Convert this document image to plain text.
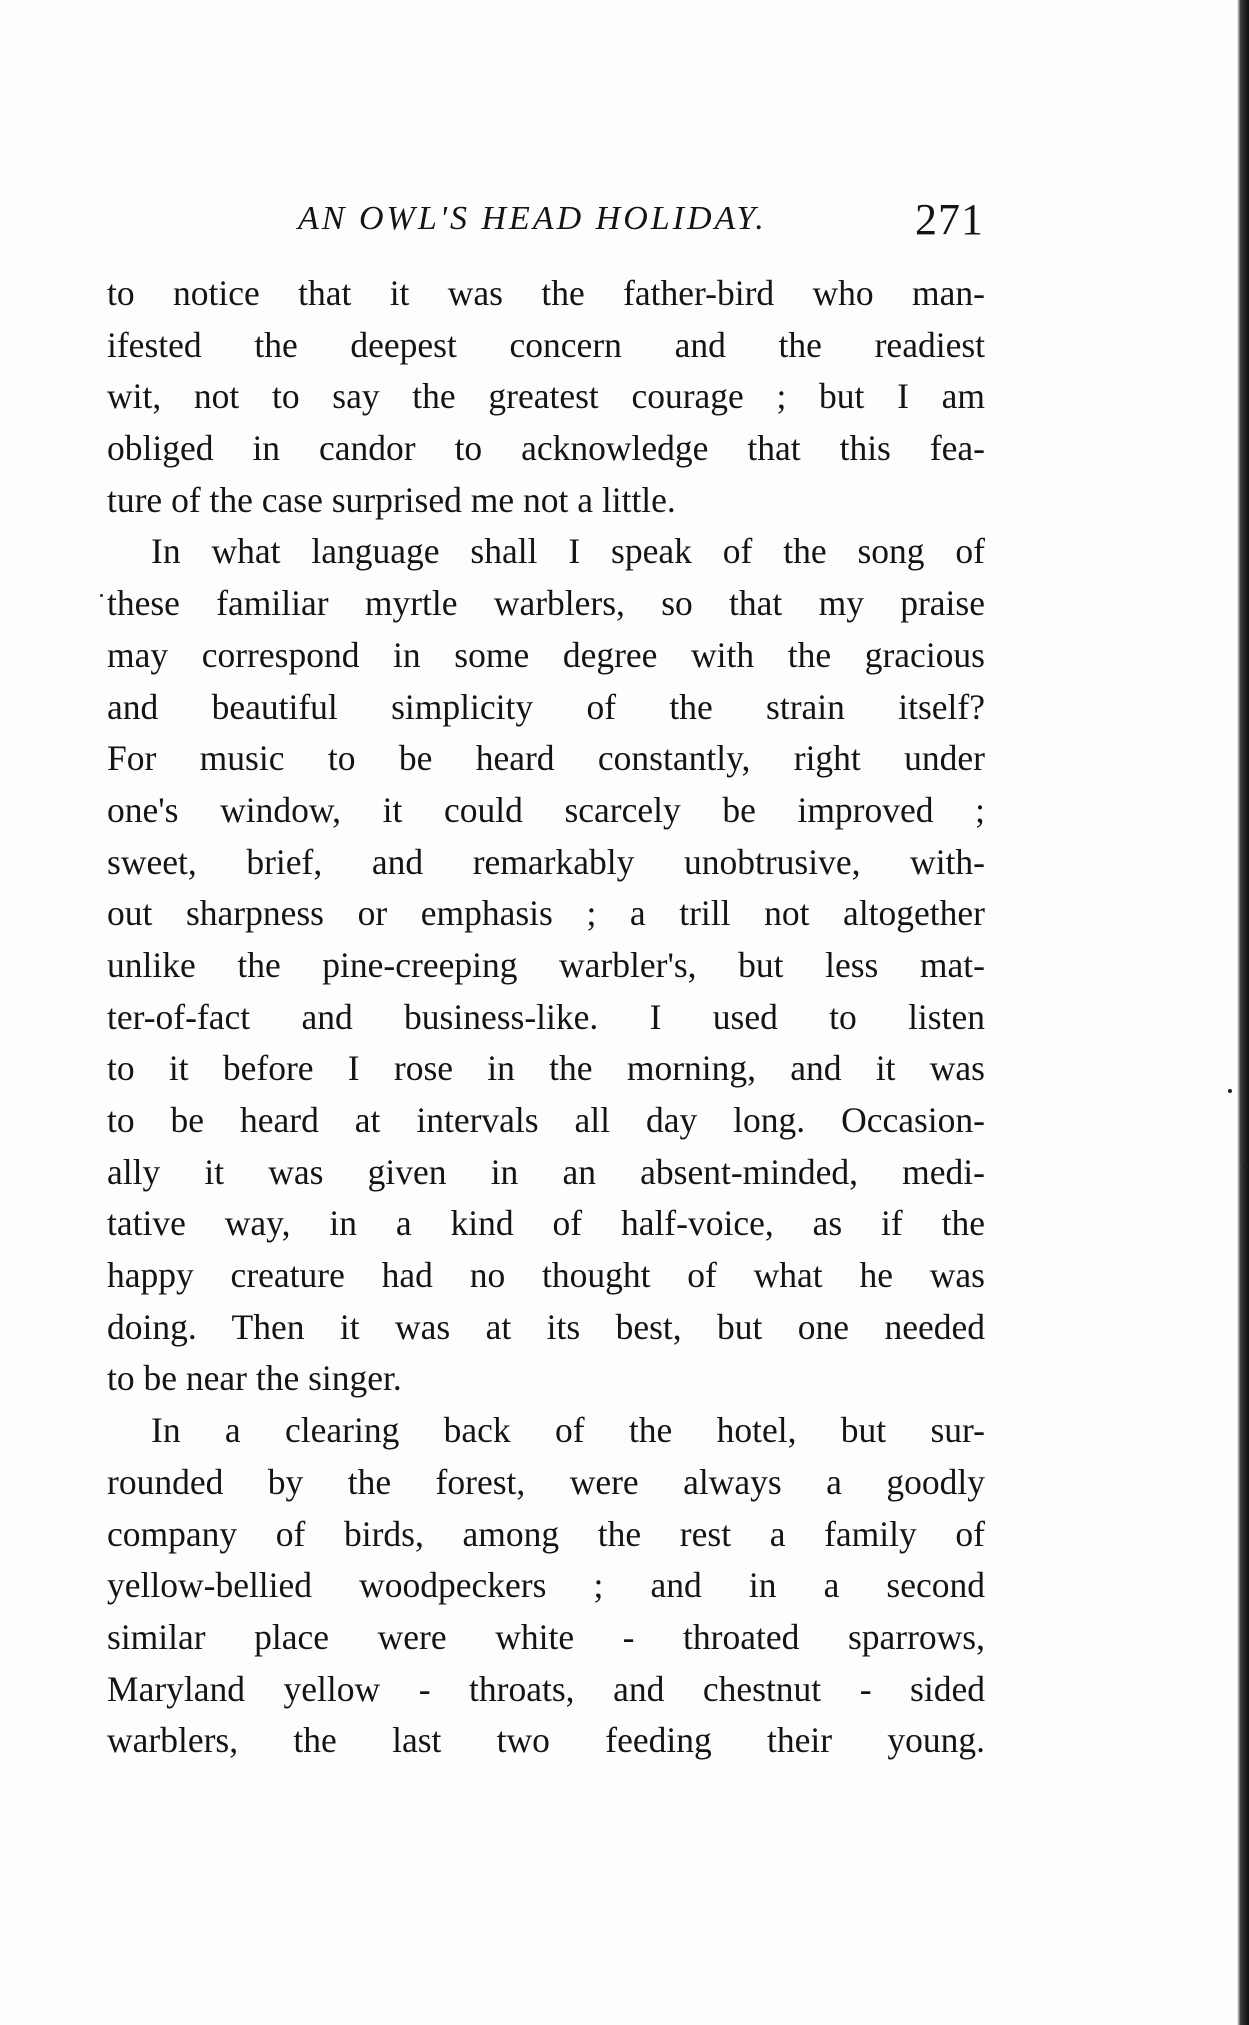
AN OWL'S HEAD HOLIDAY.	271
to notice that it was the father-bird who man-
ifested the deepest concern and the readiest
wit, not to say the greatest courage ; but I am
obliged in candor to acknowledge that this fea-
ture of the case surprised me not a little.
In what language shall I speak of the song of
these familiar myrtle warblers, so that my praise
may correspond in some degree with the gracious
and beautiful simplicity of the strain itself?
For music to be heard constantly, right under
one's window, it could scarcely be improved ;
sweet, brief, and remarkably unobtrusive, with-
out sharpness or emphasis ; a trill not altogether
unlike the pine-creeping warbler's, but less mat-
ter-of-fact and business-like. I used to listen
to it before I rose in the morning, and it was
to be heard at intervals all day long. Occasion-
ally it was given in an absent-minded, medi-
tative way, in a kind of half-voice, as if the
happy creature had no thought of what he was
doing. Then it was at its best, but one needed
to be near the singer.
In a clearing back of the hotel, but sur-
rounded by the forest, were always a goodly
company of birds, among the rest a family of
yellow-bellied woodpeckers ; and in a second
similar place were white - throated sparrows,
Maryland yellow - throats, and chestnut - sided
warblers, the last two feeding their young.
